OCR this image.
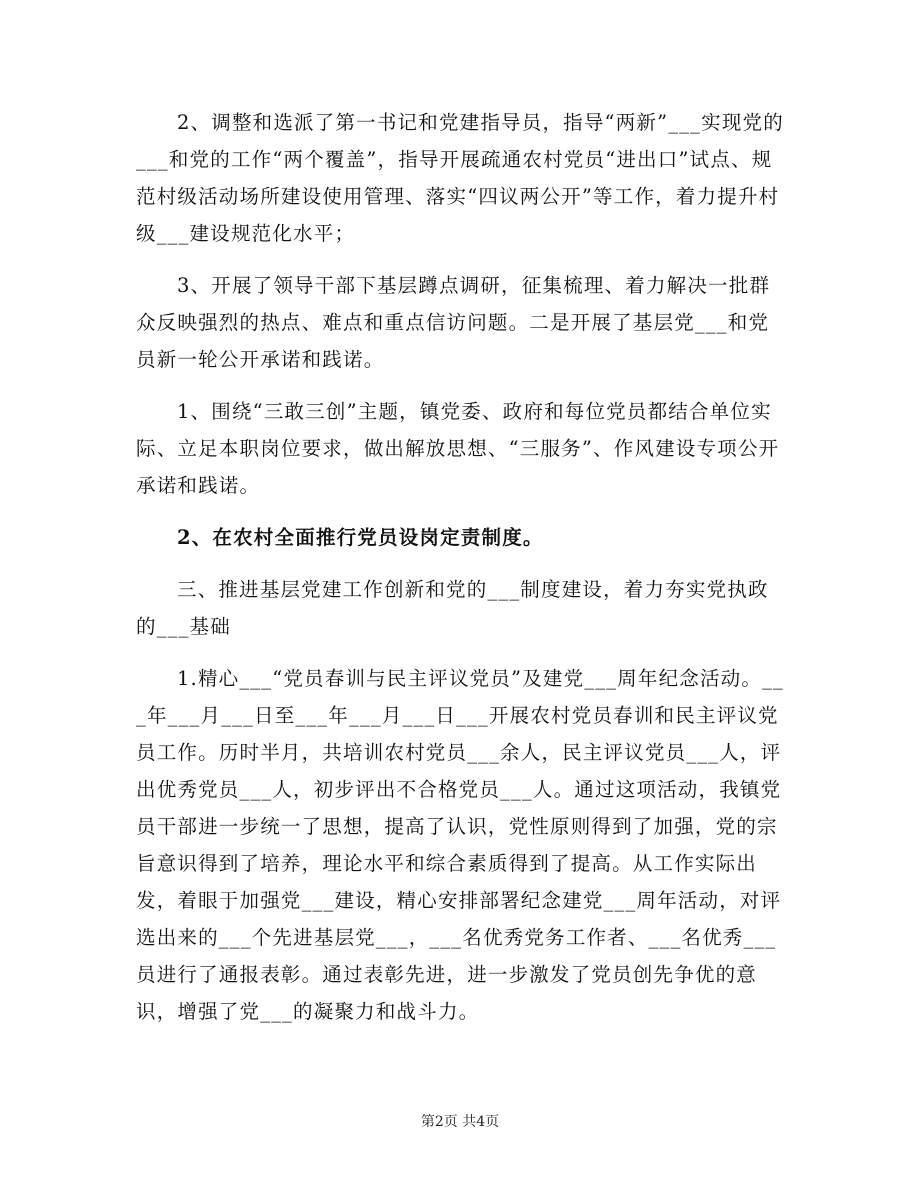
2、调整和选派了第一书记和党建指导员，指导“两新”___实现党的___和党的工作“两个覆盖”，指导开展疏通农村党员“进出口”试点、规范村级活动场所建设使用管理、落实“四议两公开”等工作，着力提升村级___建设规范化水平；

3、开展了领导干部下基层蹲点调研，征集梳理、着力解决一批群众反映强烈的热点、难点和重点信访问题。二是开展了基层党___和党员新一轮公开承诺和践诺。

1、围绕“三敢三创”主题，镇党委、政府和每位党员都结合单位实际、立足本职岗位要求，做出解放思想、“三服务”、作风建设专项公开承诺和践诺。

2、在农村全面推行党员设岗定责制度。

三、推进基层党建工作创新和党的___制度建设，着力夯实党执政的___基础

1.精心___“党员春训与民主评议党员”及建党___周年纪念活动。___年___月___日至___年___月___日___开展农村党员春训和民主评议党员工作。历时半月，共培训农村党员___余人，民主评议党员___人，评出优秀党员___人，初步评出不合格党员___人。通过这项活动，我镇党员干部进一步统一了思想，提高了认识，党性原则得到了加强，党的宗旨意识得到了培养，理论水平和综合素质得到了提高。从工作实际出发，着眼于加强党___建设，精心安排部署纪念建党___周年活动，对评选出来的___个先进基层党___，___名优秀党务工作者、___名优秀___员进行了通报表彰。通过表彰先进，进一步激发了党员创先争优的意识，增强了党___的凝聚力和战斗力。

第2页 共4页
